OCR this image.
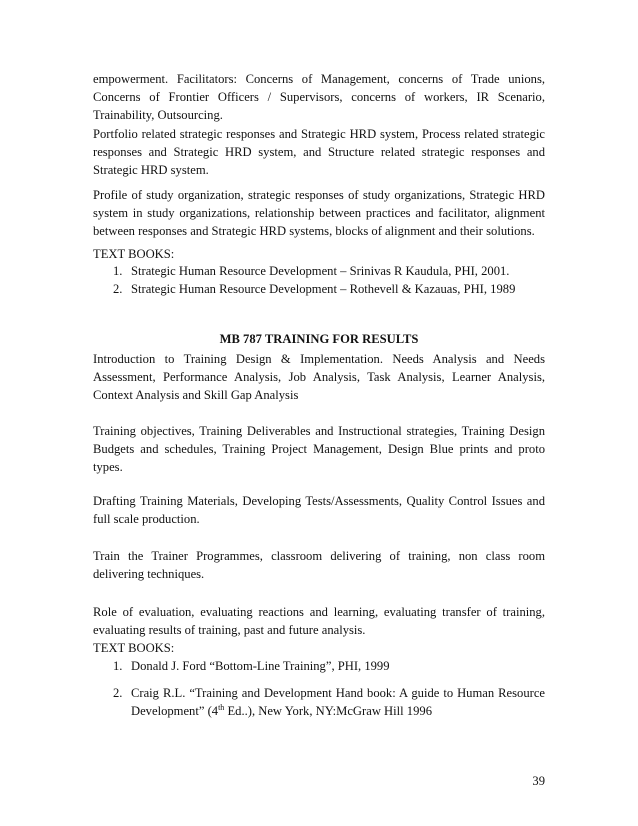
empowerment. Facilitators: Concerns of Management, concerns of Trade unions, Concerns of Frontier Officers / Supervisors, concerns of workers, IR Scenario, Trainability, Outsourcing.

Portfolio related strategic responses and Strategic HRD system, Process related strategic responses and Strategic HRD system, and Structure related strategic responses and Strategic HRD system.

Profile of study organization, strategic responses of study organizations, Strategic HRD system in study organizations, relationship between practices and facilitator, alignment between responses and Strategic HRD systems, blocks of alignment and their solutions.

TEXT BOOKS:

1. Strategic Human Resource Development – Srinivas R Kaudula, PHI, 2001.
2. Strategic Human Resource Development – Rothevell & Kazauas, PHI, 1989

MB 787 TRAINING FOR RESULTS

Introduction to Training Design & Implementation. Needs Analysis and Needs Assessment, Performance Analysis, Job Analysis, Task Analysis, Learner Analysis, Context Analysis and Skill Gap Analysis

Training objectives, Training Deliverables and Instructional strategies, Training Design Budgets and schedules, Training Project Management, Design Blue prints and proto types.

Drafting Training Materials, Developing Tests/Assessments, Quality Control Issues and full scale production.

Train the Trainer Programmes, classroom delivering of training, non class room delivering techniques.

Role of evaluation, evaluating reactions and learning, evaluating transfer of training, evaluating results of training, past and future analysis.

TEXT BOOKS:

1. Donald J. Ford “Bottom-Line Training”, PHI, 1999
2. Craig R.L. “Training and Development Hand book: A guide to Human Resource Development” (4th Ed..), New York, NY:McGraw Hill 1996
39
